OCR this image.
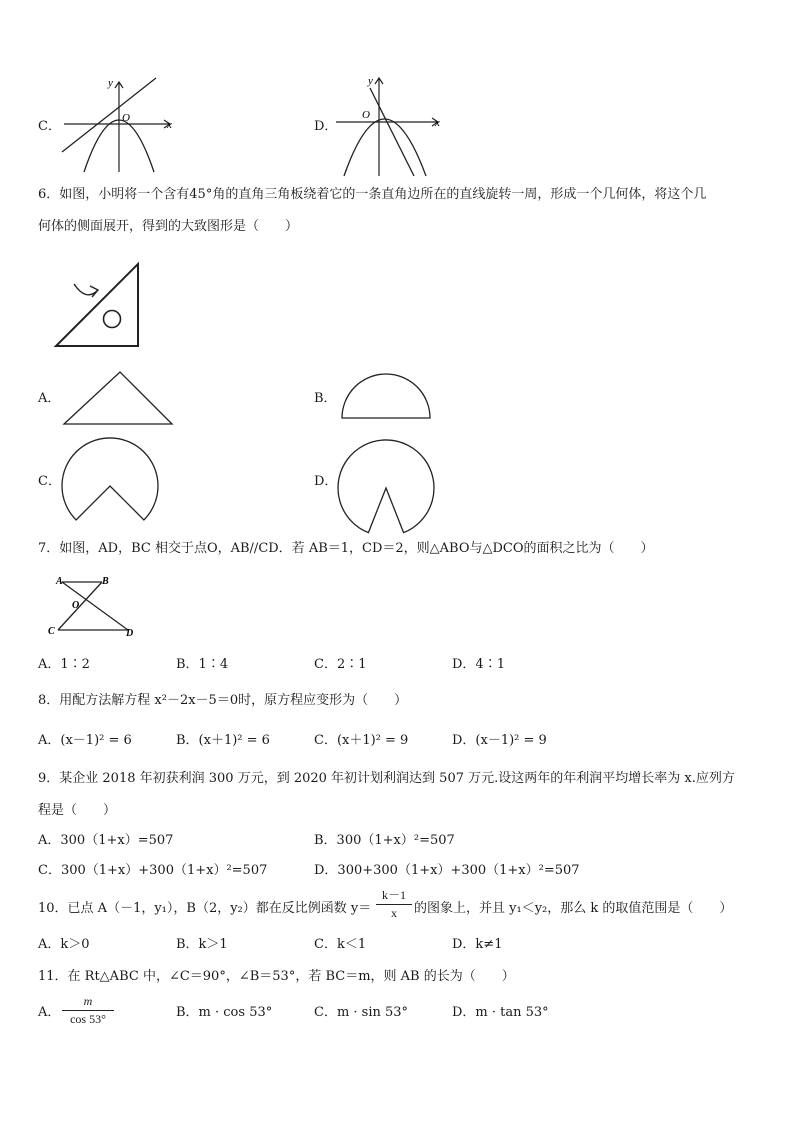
C．
y
x
O
D．
y
x
O
6．如图，小明将一个含有45°角的直角三角板绕着它的一条直角边所在的直线旋转一周，形成一个几何体，将这个几
何体的侧面展开，得到的大致图形是（　　）
A．	B．
C．	D．
7．如图，AD，BC 相交于点O，AB//CD．若 AB＝1，CD＝2，则△ABO与△DCO的面积之比为（　　）
A	B
O
C	D
A．1∶2	B．1∶4	C．2∶1	D．4∶1
8．用配方法解方程 x²－2x－5＝0时，原方程应变形为（　　）
A．(x－1)² = 6	B．(x＋1)² = 6	C．(x＋1)² = 9	D．(x－1)² = 9
9．某企业 2018 年初获利润 300 万元，到 2020 年初计划利润达到 507 万元.设这两年的年利润平均增长率为 x.应列方
程是（　　）
A．300（1+x）=507	B．300（1+x）²=507
C．300（1+x）+300（1+x）²=507	D．300+300（1+x）+300（1+x）²=507
10．已点 A（－1，y₁），B（2，y₂）都在反比例函数 y＝
k－1
x	的图象上，并且 y₁＜y₂，那么 k 的取值范围是（　　）
A．k＞0	B．k＞1	C．k＜1	D．k≠1
11．在 Rt△ABC 中，∠C＝90°，∠B＝53°，若 BC＝m，则 AB 的长为（　　）
A．
m
cos 53°	B．m · cos 53°	C．m · sin 53°	D．m · tan 53°
